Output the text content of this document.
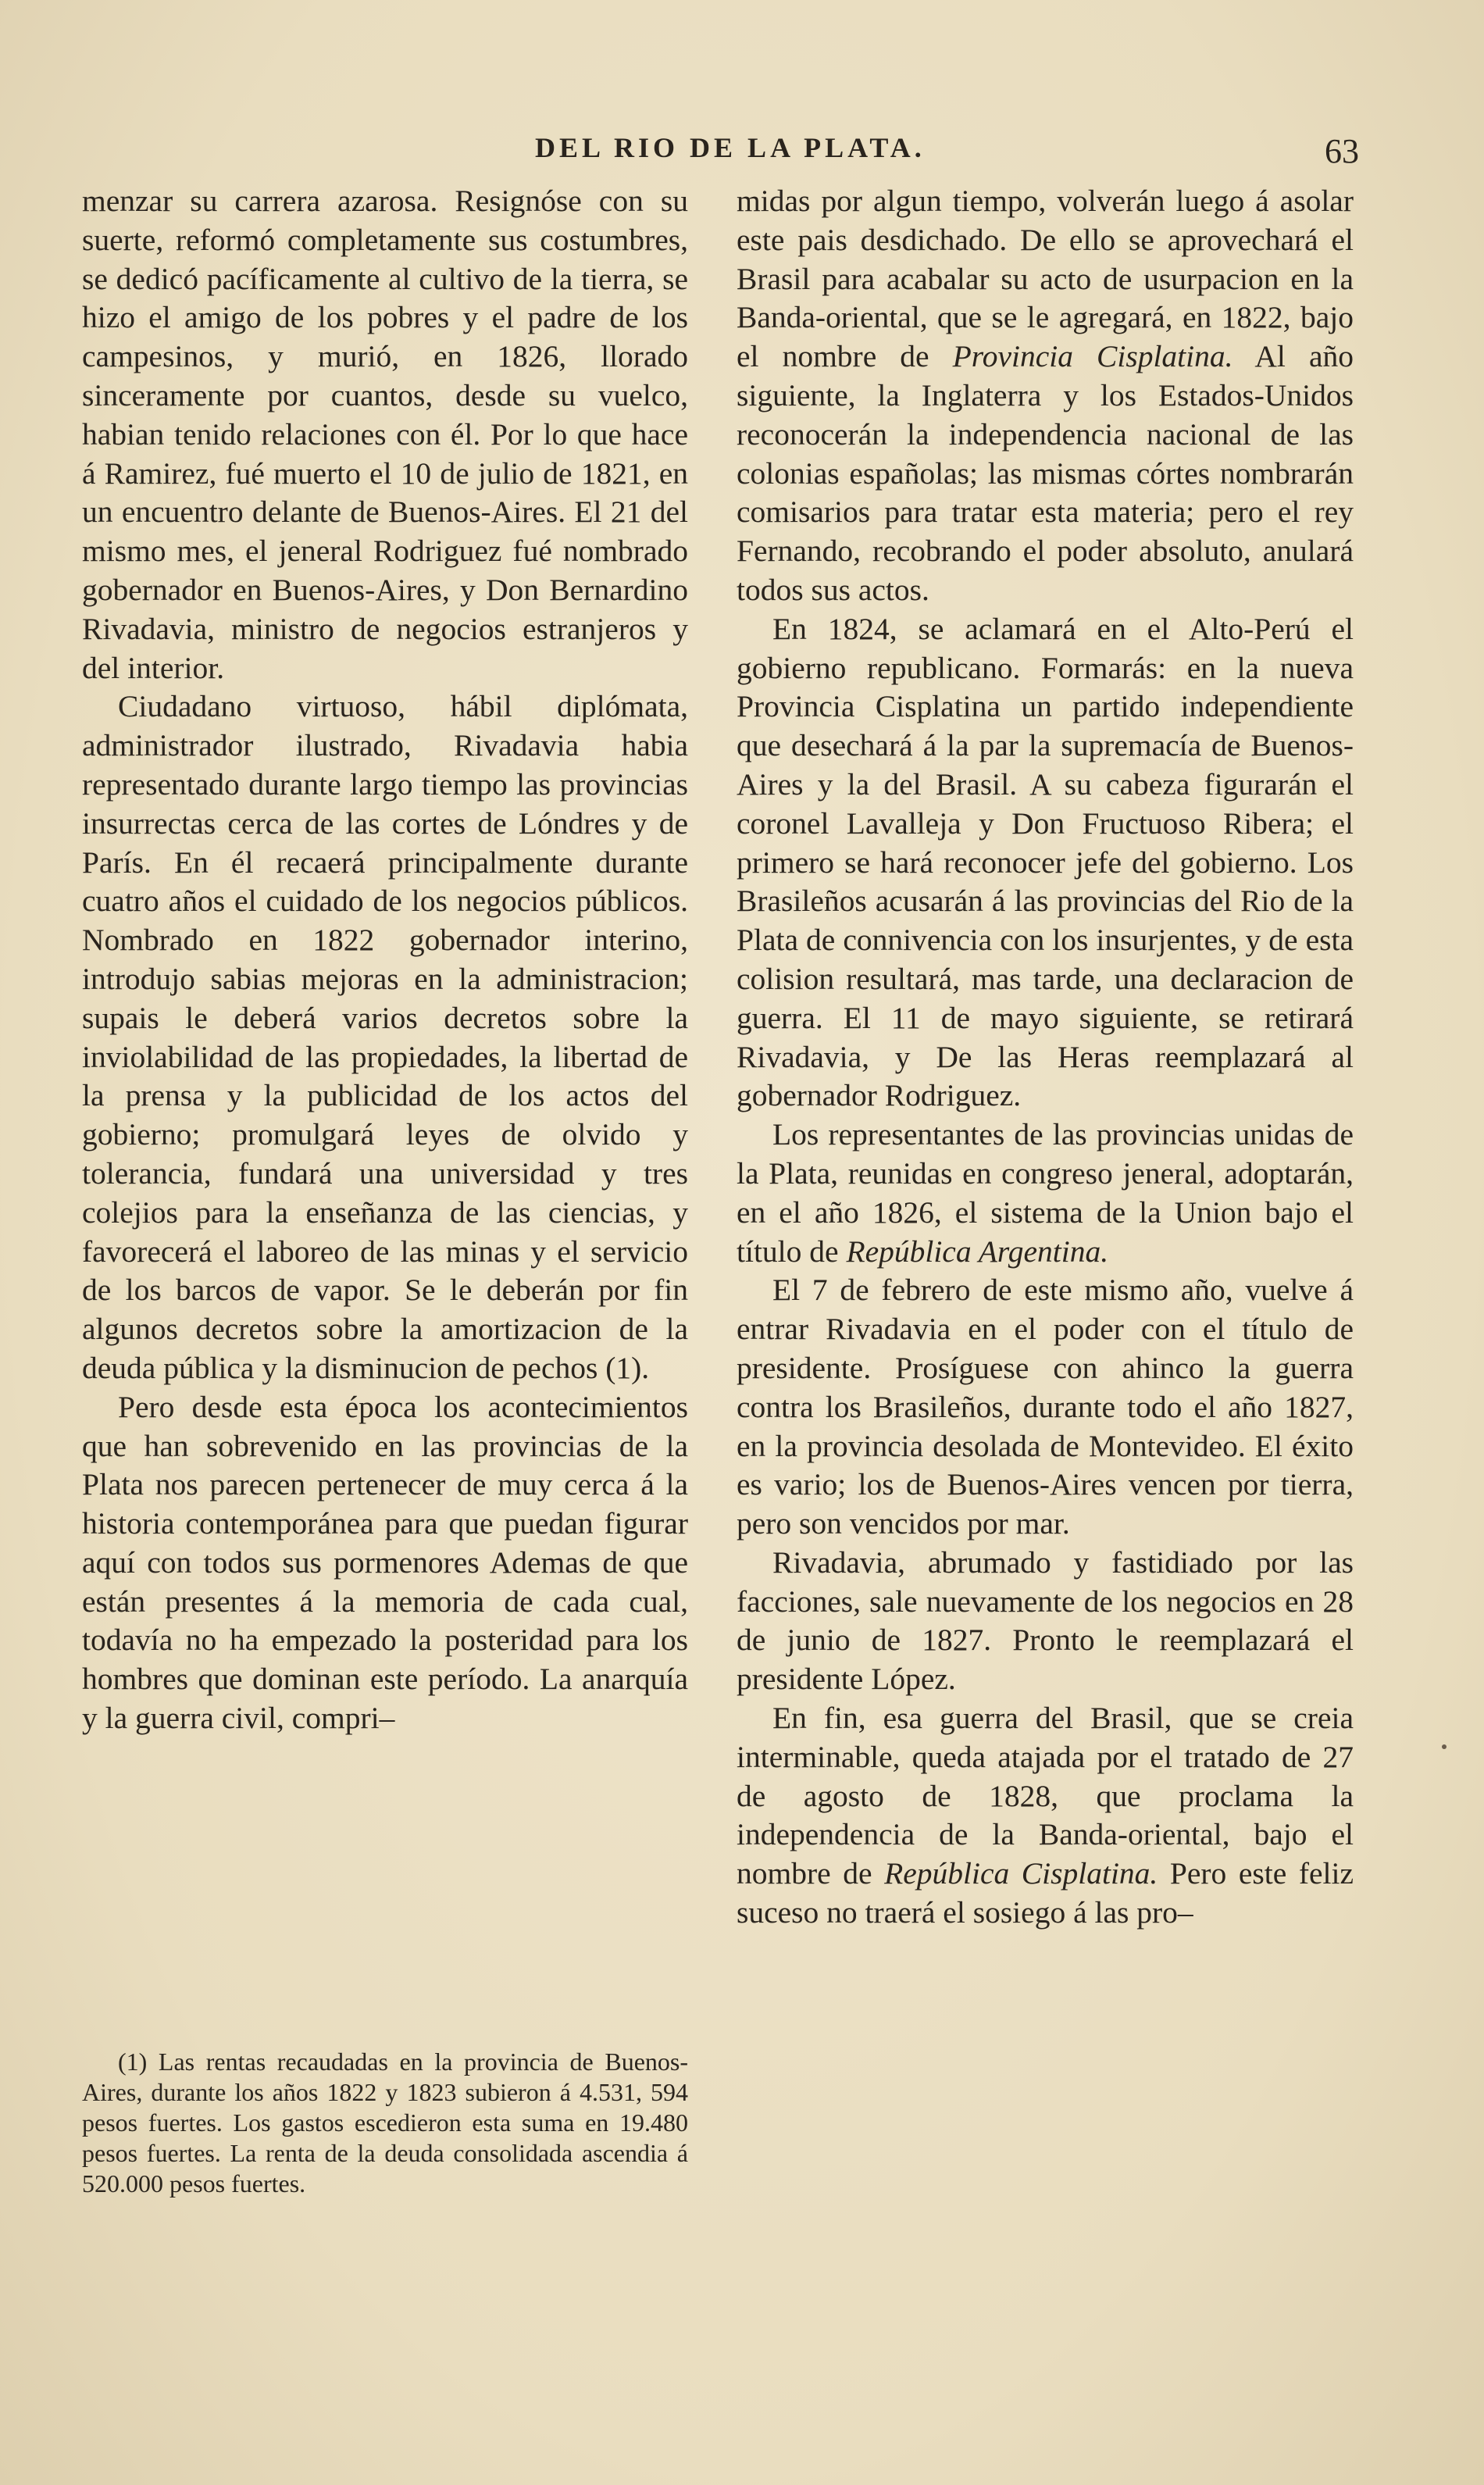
DEL RIO DE LA PLATA.	63

menzar su carrera azarosa. Resignóse con su suerte, reformó completamente sus costumbres, se dedicó pacíficamente al cultivo de la tierra, se hizo el amigo de los pobres y el padre de los campesinos, y murió, en 1826, llorado sinceramente por cuantos, desde su vuelco, habian tenido relaciones con él. Por lo que hace á Ramirez, fué muerto el 10 de julio de 1821, en un encuentro delante de Buenos-Aires. El 21 del mismo mes, el jeneral Rodriguez fué nombrado gobernador en Buenos-Aires, y Don Bernardino Rivadavia, ministro de negocios estranjeros y del interior.

Ciudadano virtuoso, hábil diplómata, administrador ilustrado, Rivadavia habia representado durante largo tiempo las provincias insurrectas cerca de las cortes de Lóndres y de París. En él recaerá principalmente durante cuatro años el cuidado de los negocios públicos. Nombrado en 1822 gobernador interino, introdujo sabias mejoras en la administracion; supais le deberá varios decretos sobre la inviolabilidad de las propiedades, la libertad de la prensa y la publicidad de los actos del gobierno; promulgará leyes de olvido y tolerancia, fundará una universidad y tres colejios para la enseñanza de las ciencias, y favorecerá el laboreo de las minas y el servicio de los barcos de vapor. Se le deberán por fin algunos decretos sobre la amortizacion de la deuda pública y la disminucion de pechos (1).

Pero desde esta época los acontecimientos que han sobrevenido en las provincias de la Plata nos parecen pertenecer de muy cerca á la historia contemporánea para que puedan figurar aquí con todos sus pormenores Ademas de que están presentes á la memoria de cada cual, todavía no ha empezado la posteridad para los hombres que dominan este período. La anarquía y la guerra civil, compri–

(1) Las rentas recaudadas en la provincia de Buenos-Aires, durante los años 1822 y 1823 subieron á 4.531, 594 pesos fuertes. Los gastos escedieron esta suma en 19.480 pesos fuertes. La renta de la deuda consolidada ascendia á 520.000 pesos fuertes.

midas por algun tiempo, volverán luego á asolar este pais desdichado. De ello se aprovechará el Brasil para acabalar su acto de usurpacion en la Banda-oriental, que se le agregará, en 1822, bajo el nombre de Provincia Cisplatina. Al año siguiente, la Inglaterra y los Estados-Unidos reconocerán la independencia nacional de las colonias españolas; las mismas córtes nombrarán comisarios para tratar esta materia; pero el rey Fernando, recobrando el poder absoluto, anulará todos sus actos.

En 1824, se aclamará en el Alto-Perú el gobierno republicano. Formarás: en la nueva Provincia Cisplatina un partido independiente que desechará á la par la supremacía de Buenos-Aires y la del Brasil. A su cabeza figurarán el coronel Lavalleja y Don Fructuoso Ribera; el primero se hará reconocer jefe del gobierno. Los Brasileños acusarán á las provincias del Rio de la Plata de connivencia con los insurjentes, y de esta colision resultará, mas tarde, una declaracion de guerra. El 11 de mayo siguiente, se retirará Rivadavia, y De las Heras reemplazará al gobernador Rodriguez.

Los representantes de las provincias unidas de la Plata, reunidas en congreso jeneral, adoptarán, en el año 1826, el sistema de la Union bajo el título de República Argentina.

El 7 de febrero de este mismo año, vuelve á entrar Rivadavia en el poder con el título de presidente. Prosíguese con ahinco la guerra contra los Brasileños, durante todo el año 1827, en la provincia desolada de Montevideo. El éxito es vario; los de Buenos-Aires vencen por tierra, pero son vencidos por mar.

Rivadavia, abrumado y fastidiado por las facciones, sale nuevamente de los negocios en 28 de junio de 1827. Pronto le reemplazará el presidente López.

En fin, esa guerra del Brasil, que se creia interminable, queda atajada por el tratado de 27 de agosto de 1828, que proclama la independencia de la Banda-oriental, bajo el nombre de República Cisplatina. Pero este feliz suceso no traerá el sosiego á las pro–
